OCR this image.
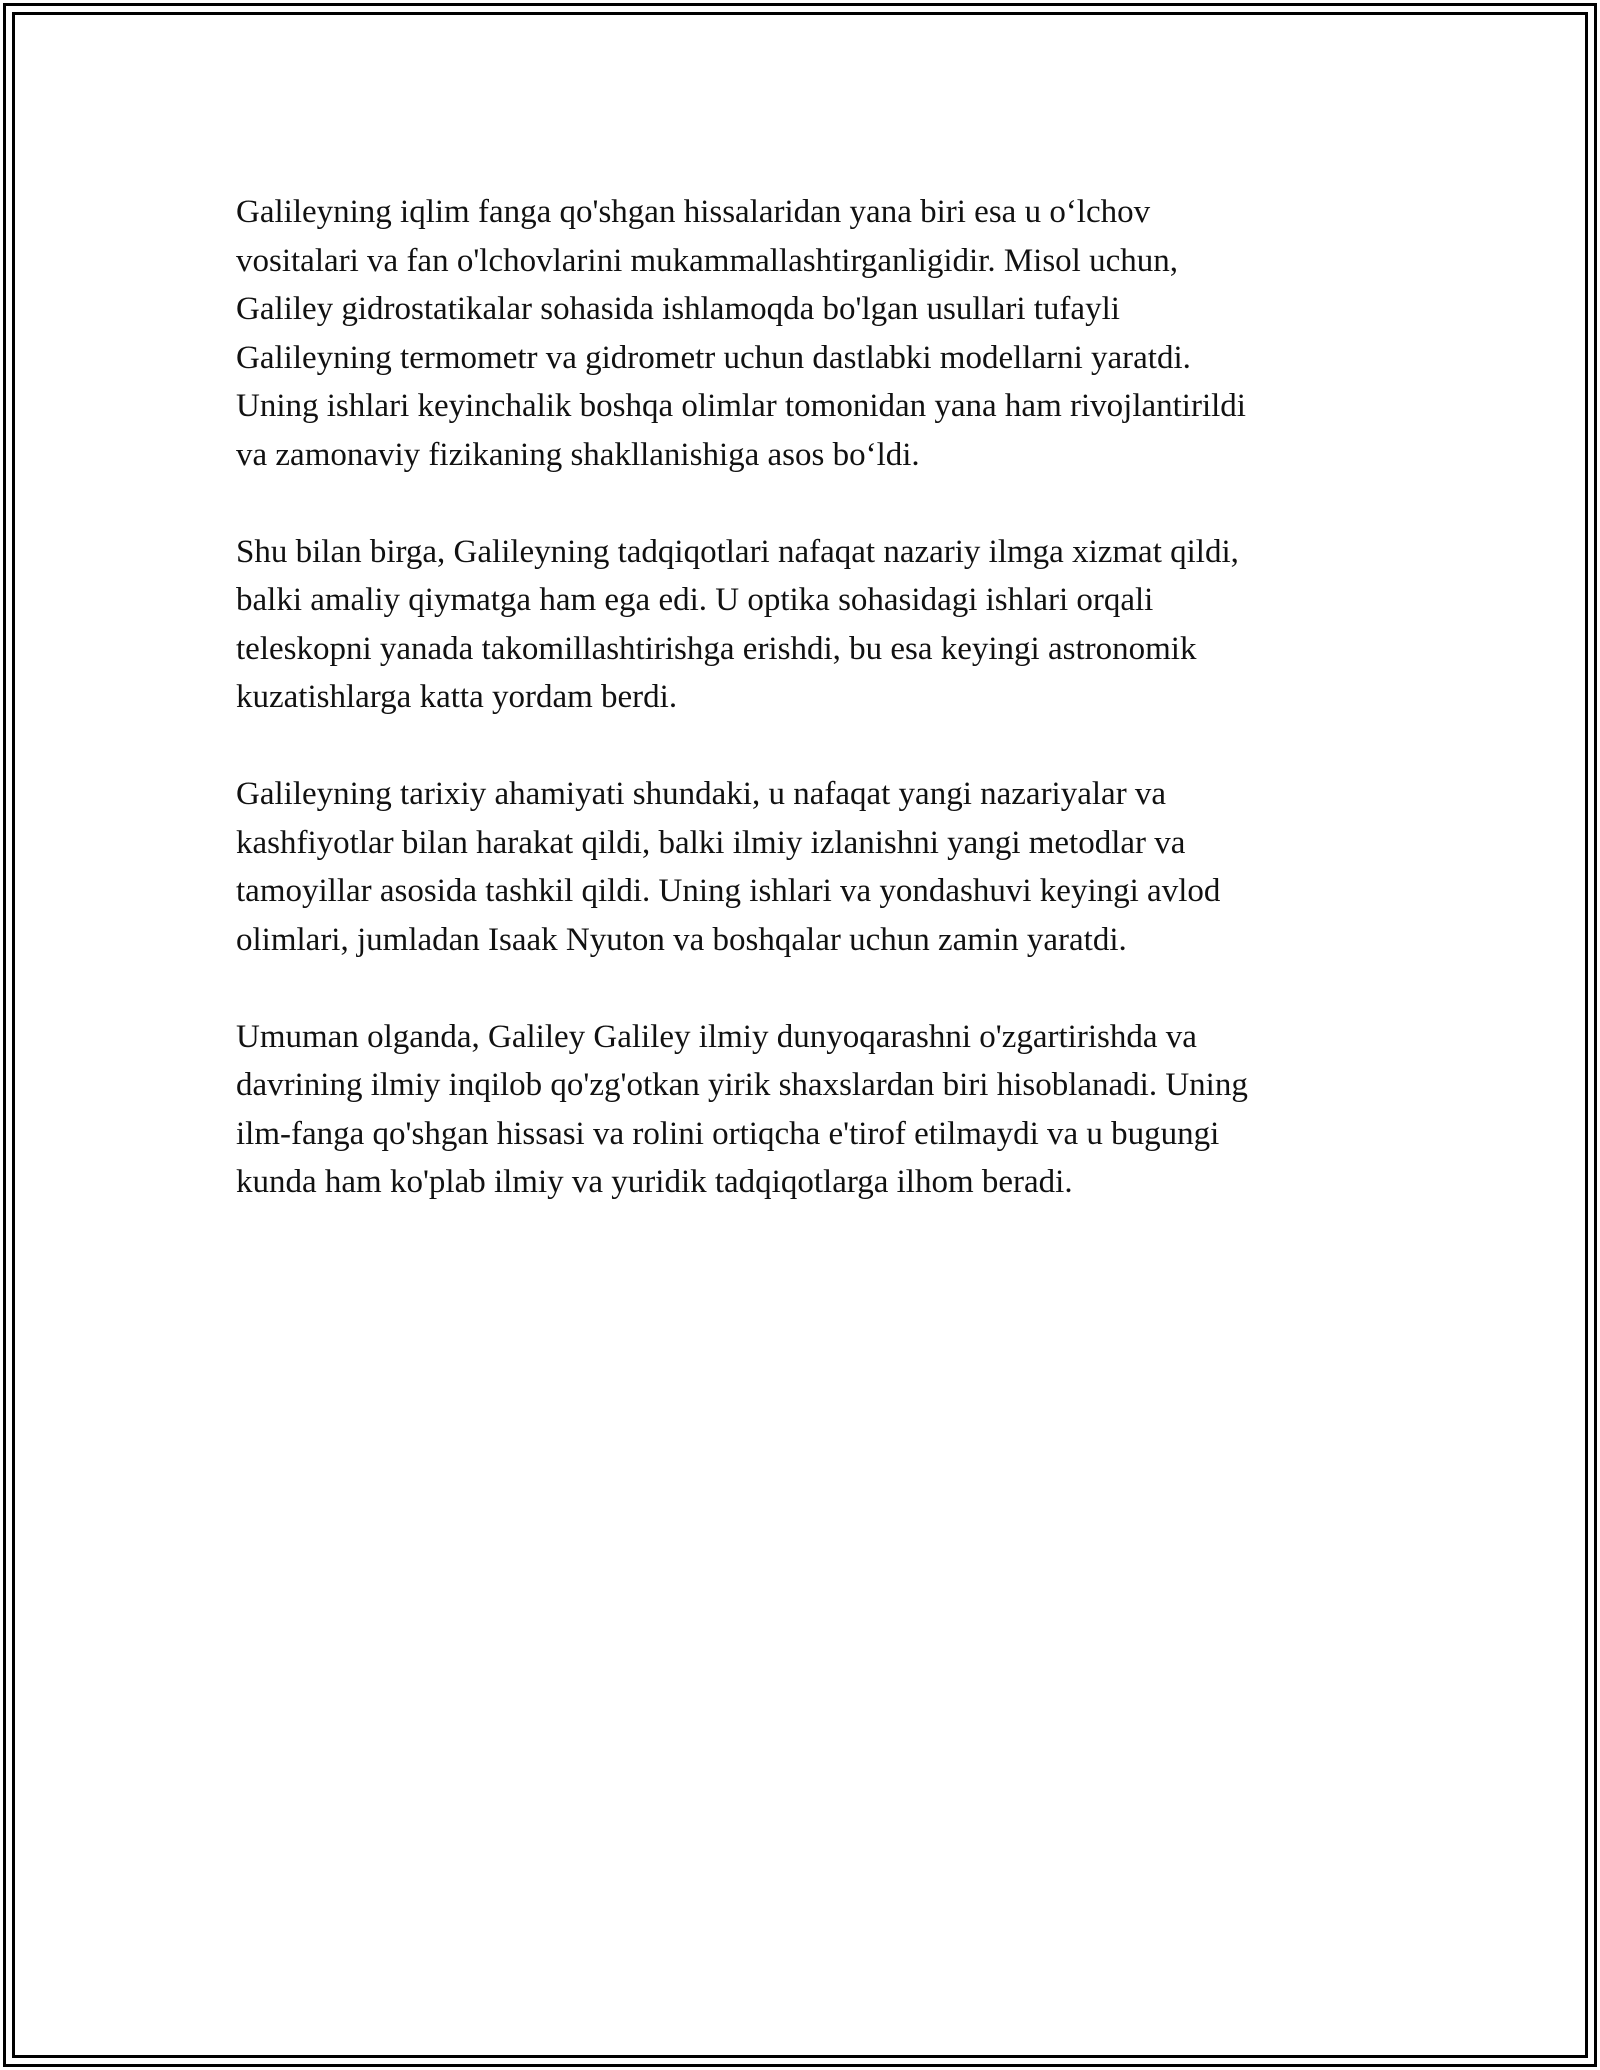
Galileyning iqlim fanga qo'shgan hissalaridan yana biri esa u o‘lchov
vositalari va fan o'lchovlarini mukammallashtirganligidir. Misol uchun,
Galiley gidrostatikalar sohasida ishlamoqda bo'lgan usullari tufayli
Galileyning termometr va gidrometr uchun dastlabki modellarni yaratdi.
Uning ishlari keyinchalik boshqa olimlar tomonidan yana ham rivojlantirildi
va zamonaviy fizikaning shakllanishiga asos bo‘ldi.

Shu bilan birga, Galileyning tadqiqotlari nafaqat nazariy ilmga xizmat qildi,
balki amaliy qiymatga ham ega edi. U optika sohasidagi ishlari orqali
teleskopni yanada takomillashtirishga erishdi, bu esa keyingi astronomik
kuzatishlarga katta yordam berdi.

Galileyning tarixiy ahamiyati shundaki, u nafaqat yangi nazariyalar va
kashfiyotlar bilan harakat qildi, balki ilmiy izlanishni yangi metodlar va
tamoyillar asosida tashkil qildi. Uning ishlari va yondashuvi keyingi avlod
olimlari, jumladan Isaak Nyuton va boshqalar uchun zamin yaratdi.

Umuman olganda, Galiley Galiley ilmiy dunyoqarashni o'zgartirishda va
davrining ilmiy inqilob qo'zg'otkan yirik shaxslardan biri hisoblanadi. Uning
ilm-fanga qo'shgan hissasi va rolini ortiqcha e'tirof etilmaydi va u bugungi
kunda ham ko'plab ilmiy va yuridik tadqiqotlarga ilhom beradi.
